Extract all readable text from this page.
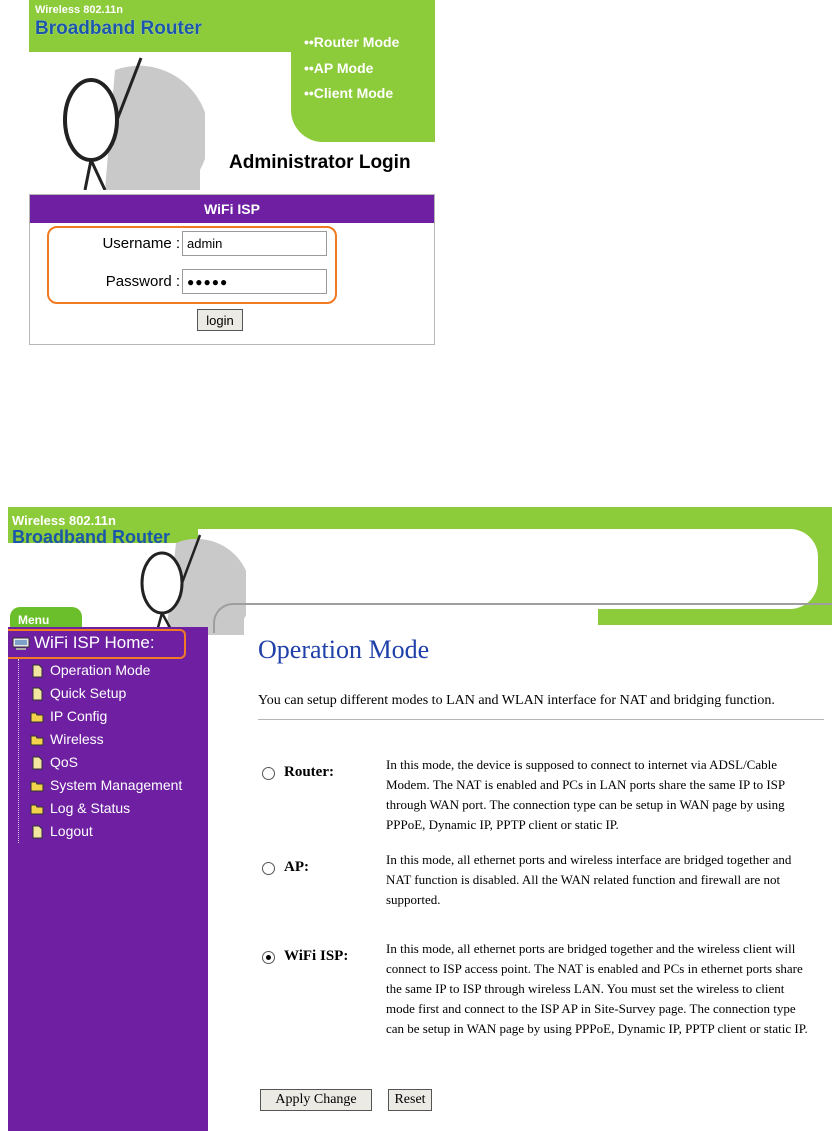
Wireless 802.11n
Broadband Router
••Router Mode
••AP Mode
••Client Mode
Administrator Login
WiFi ISP
Username :
admin
Password :
●●●●●
login
Wireless 802.11n
Broadband Router
Menu
WiFi ISP Home:
Operation Mode
Quick Setup
IP Config
Wireless
QoS
System Management
Log & Status
Logout
Operation Mode
You can setup different modes to LAN and WLAN interface for NAT and bridging function.
Router:	In this mode, the device is supposed to connect to internet via ADSL/Cable Modem. The NAT is enabled and PCs in LAN ports share the same IP to ISP through WAN port. The connection type can be setup in WAN page by using PPPoE, Dynamic IP, PPTP client or static IP.
AP:	In this mode, all ethernet ports and wireless interface are bridged together and NAT function is disabled. All the WAN related function and firewall are not supported.
WiFi ISP:	In this mode, all ethernet ports are bridged together and the wireless client will connect to ISP access point. The NAT is enabled and PCs in ethernet ports share the same IP to ISP through wireless LAN. You must set the wireless to client mode first and connect to the ISP AP in Site-Survey page. The connection type can be setup in WAN page by using PPPoE, Dynamic IP, PPTP client or static IP.
Apply Change	Reset
